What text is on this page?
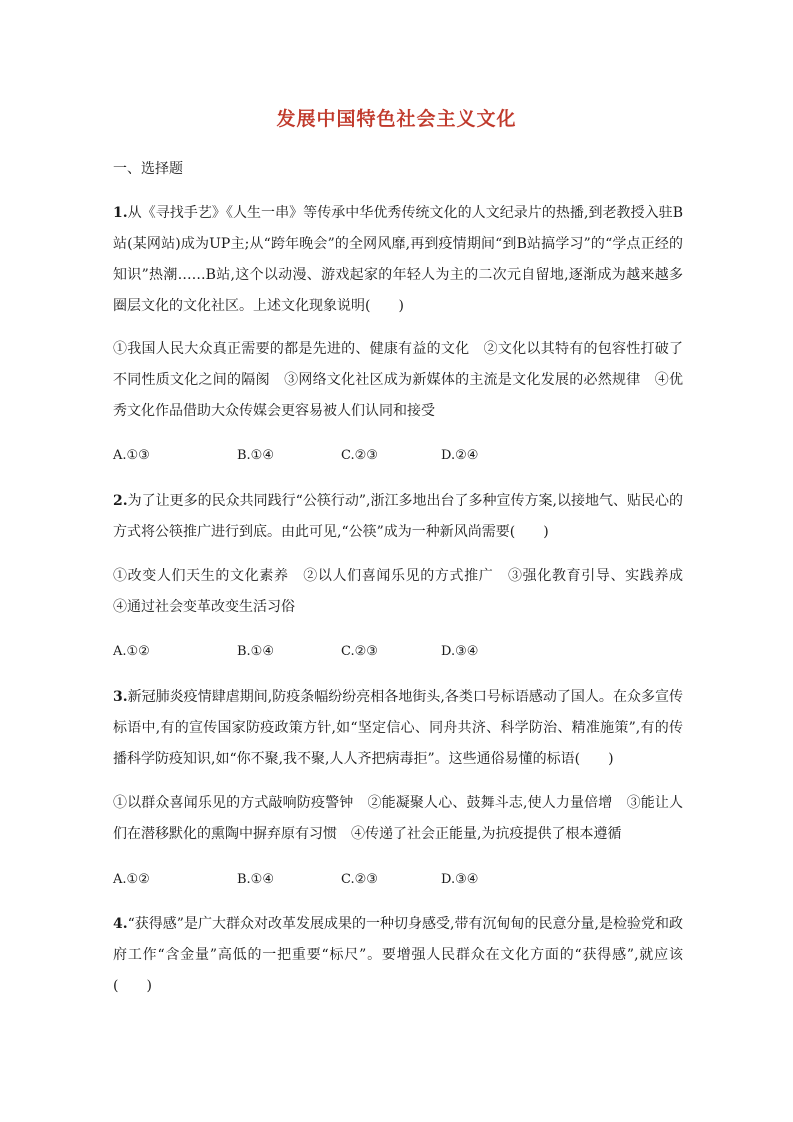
发展中国特色社会主义文化
一、选择题
1.从《寻找手艺》《人生一串》等传承中华优秀传统文化的人文纪录片的热播,到老教授入驻B站(某网站)成为UP主;从“跨年晚会”的全网风靡,再到疫情期间“到B站搞学习”的“学点正经的知识”热潮……B站,这个以动漫、游戏起家的年轻人为主的二次元自留地,逐渐成为越来越多圈层文化的文化社区。上述文化现象说明(　　)
①我国人民大众真正需要的都是先进的、健康有益的文化　②文化以其特有的包容性打破了不同性质文化之间的隔阂　③网络文化社区成为新媒体的主流是文化发展的必然规律　④优秀文化作品借助大众传媒会更容易被人们认同和接受
A.①③	B.①④	C.②③	D.②④
2.为了让更多的民众共同践行“公筷行动”,浙江多地出台了多种宣传方案,以接地气、贴民心的方式将公筷推广进行到底。由此可见,“公筷”成为一种新风尚需要(　　)
①改变人们天生的文化素养　②以人们喜闻乐见的方式推广　③强化教育引导、实践养成　④通过社会变革改变生活习俗
A.①②	B.①④	C.②③	D.③④
3.新冠肺炎疫情肆虐期间,防疫条幅纷纷亮相各地街头,各类口号标语感动了国人。在众多宣传标语中,有的宣传国家防疫政策方针,如“坚定信心、同舟共济、科学防治、精准施策”,有的传播科学防疫知识,如“你不聚,我不聚,人人齐把病毒拒”。这些通俗易懂的标语(　　)
①以群众喜闻乐见的方式敲响防疫警钟　②能凝聚人心、鼓舞斗志,使人力量倍增　③能让人们在潜移默化的熏陶中摒弃原有习惯　④传递了社会正能量,为抗疫提供了根本遵循
A.①②	B.①④	C.②③	D.③④
4.“获得感”是广大群众对改革发展成果的一种切身感受,带有沉甸甸的民意分量,是检验党和政府工作“含金量”高低的一把重要“标尺”。要增强人民群众在文化方面的“获得感”,就应该(　　)
